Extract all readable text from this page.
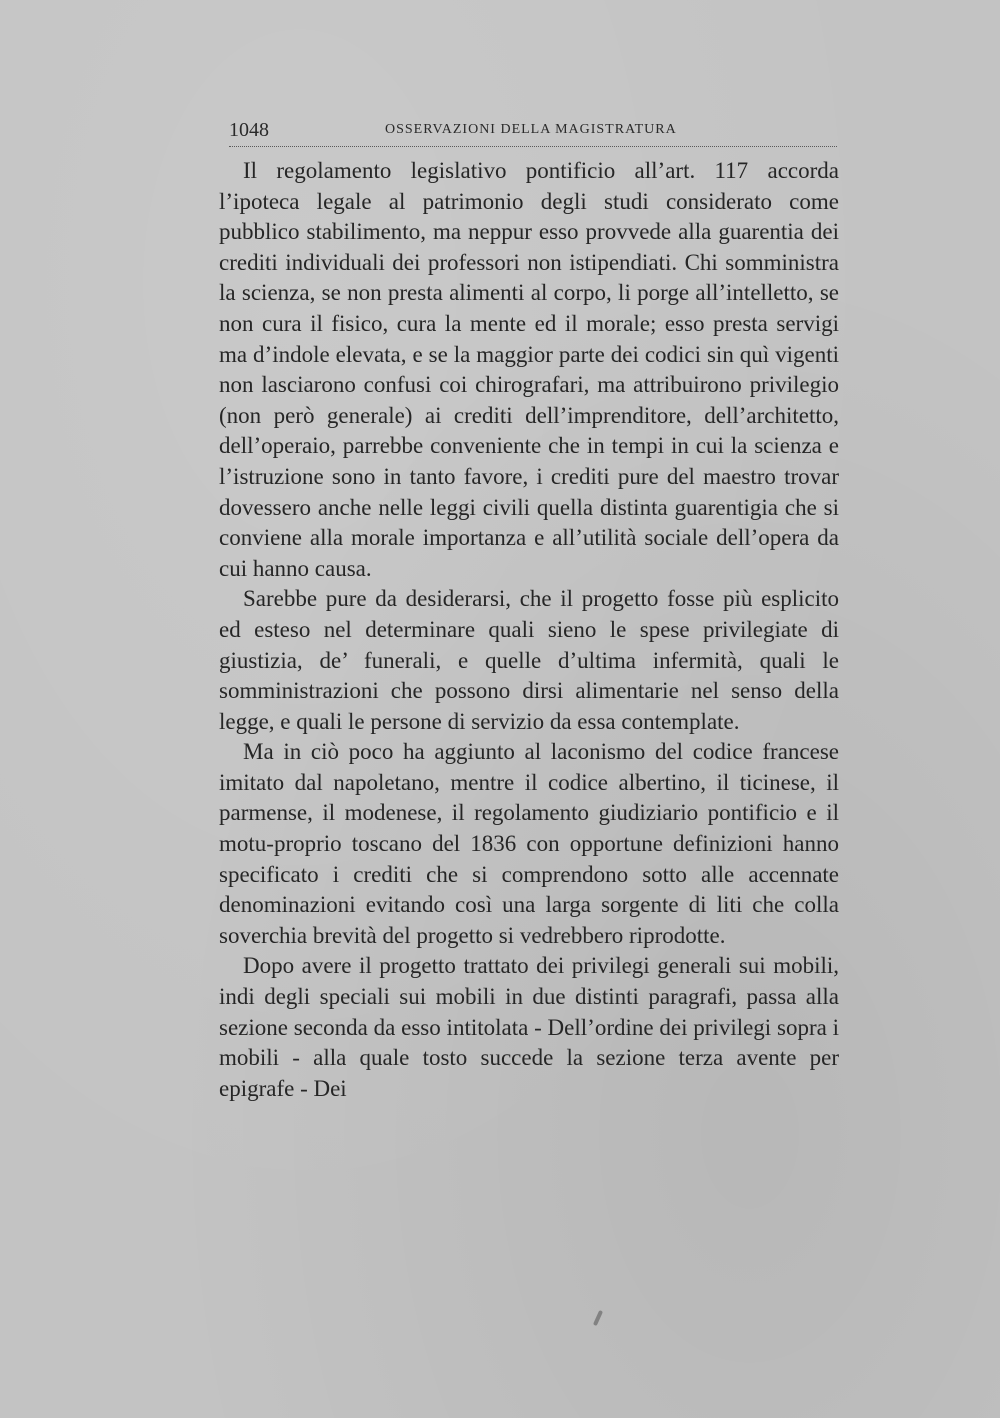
1048	OSSERVAZIONI DELLA MAGISTRATURA

Il regolamento legislativo pontificio all’art. 117 accorda l’ipoteca legale al patrimonio degli studi considerato come pubblico stabilimento, ma neppur esso provvede alla guarentia dei crediti individuali dei professori non istipendiati. Chi somministra la scienza, se non presta alimenti al corpo, li porge all’intelletto, se non cura il fisico, cura la mente ed il morale; esso presta servigi ma d’indole elevata, e se la maggior parte dei codici sin quì vigenti non lasciarono confusi coi chirografari, ma attribuirono privilegio (non però generale) ai crediti dell’imprenditore, dell’architetto, dell’operaio, parrebbe conveniente che in tempi in cui la scienza e l’istruzione sono in tanto favore, i crediti pure del maestro trovar dovessero anche nelle leggi civili quella distinta guarentigia che si conviene alla morale importanza e all’utilità sociale dell’opera da cui hanno causa.

Sarebbe pure da desiderarsi, che il progetto fosse più esplicito ed esteso nel determinare quali sieno le spese privilegiate di giustizia, de’ funerali, e quelle d’ultima infermità, quali le somministrazioni che possono dirsi alimentarie nel senso della legge, e quali le persone di servizio da essa contemplate.

Ma in ciò poco ha aggiunto al laconismo del codice francese imitato dal napoletano, mentre il codice albertino, il ticinese, il parmense, il modenese, il regolamento giudiziario pontificio e il motu-proprio toscano del 1836 con opportune definizioni hanno specificato i crediti che si comprendono sotto alle accennate denominazioni evitando così una larga sorgente di liti che colla soverchia brevità del progetto si vedrebbero riprodotte.

Dopo avere il progetto trattato dei privilegi generali sui mobili, indi degli speciali sui mobili in due distinti paragrafi, passa alla sezione seconda da esso intitolata - Dell’ordine dei privilegi sopra i mobili - alla quale tosto succede la sezione terza avente per epigrafe - Dei
